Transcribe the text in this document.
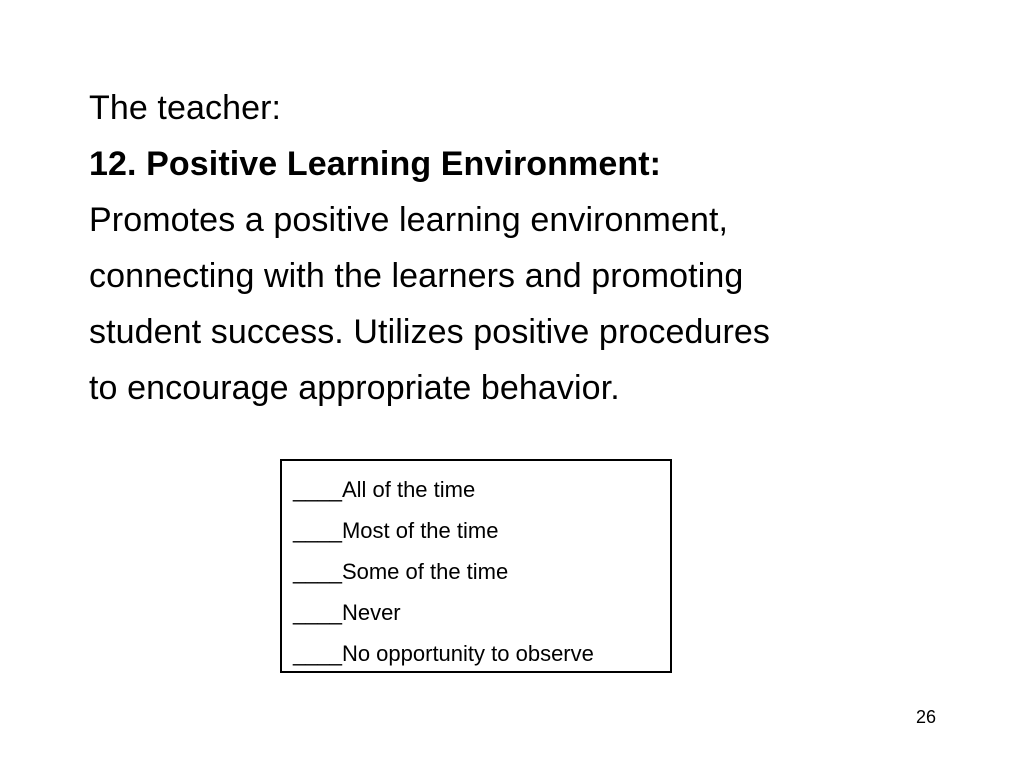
The teacher:
12. Positive Learning Environment:
Promotes a positive learning environment,
connecting with the learners and promoting
student success. Utilizes positive procedures
to encourage appropriate behavior.
____All of the time
____Most of the time
____Some of the time
____Never
____No opportunity to observe
26
